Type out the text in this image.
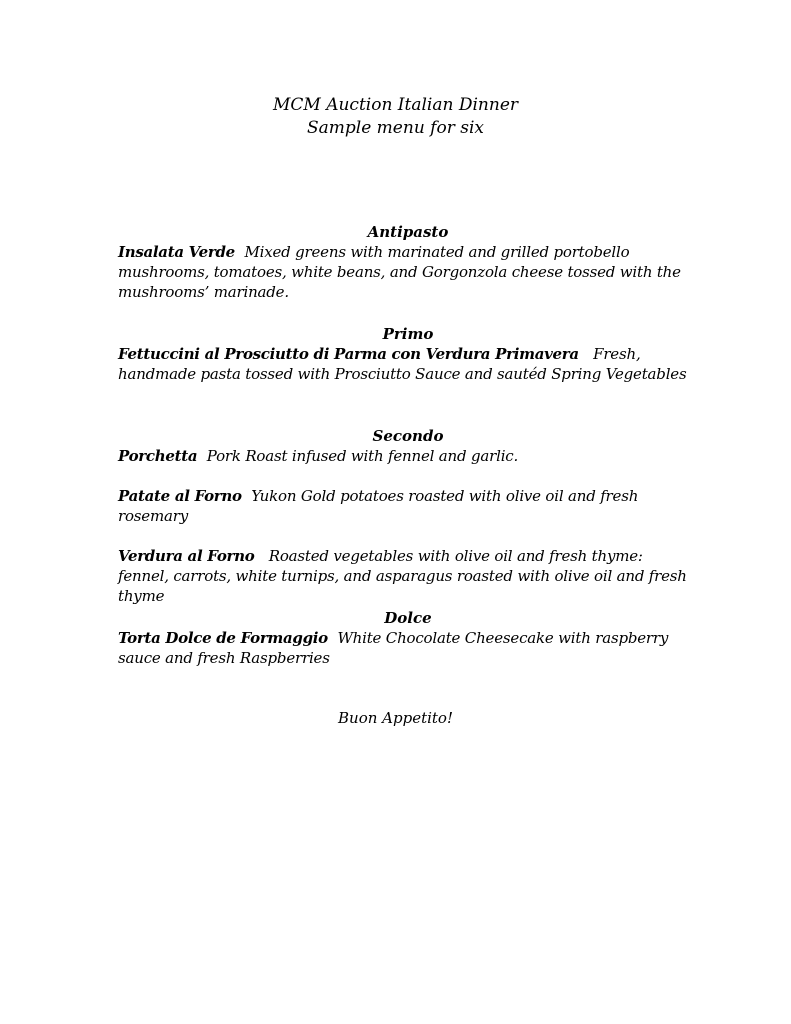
MCM Auction Italian Dinner
Sample menu for six
Antipasto

Insalata Verde Mixed greens with marinated and grilled portobello mushrooms, tomatoes, white beans, and Gorgonzola cheese tossed with the mushrooms’ marinade.

Primo

Fettuccini al Prosciutto di Parma con Verdura Primavera Fresh, handmade pasta tossed with Prosciutto Sauce and sautéd Spring Vegetables

Secondo

Porchetta Pork Roast infused with fennel and garlic.

Patate al Forno Yukon Gold potatoes roasted with olive oil and fresh rosemary

Verdura al Forno Roasted vegetables with olive oil and fresh thyme: fennel, carrots, white turnips, and asparagus roasted with olive oil and fresh thyme

Dolce

Torta Dolce de Formaggio White Chocolate Cheesecake with raspberry sauce and fresh Raspberries

Buon Appetito!
